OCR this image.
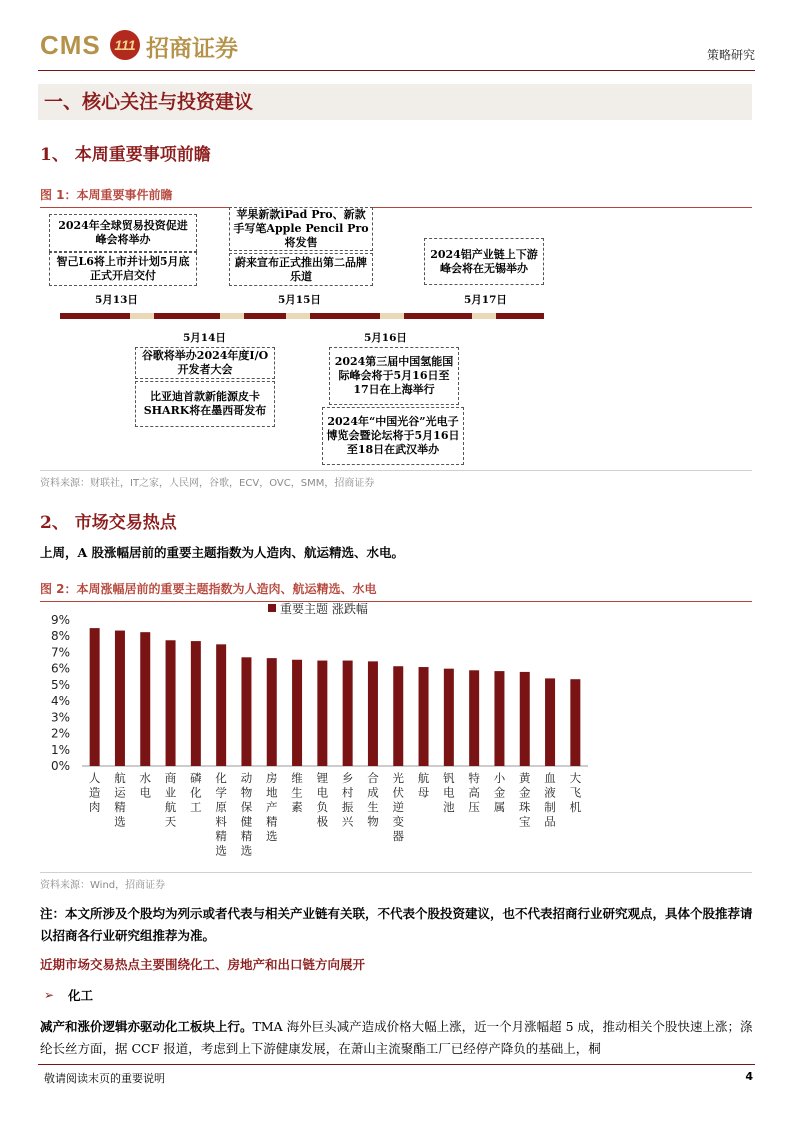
CMS 111 招商证券	策略研究
一、核心关注与投资建议
1、 本周重要事项前瞻
图 1：本周重要事件前瞻
2024年全球贸易投资促进峰会将举办
智己L6将上市并计划5月底正式开启交付
苹果新款iPad Pro、新款手写笔Apple Pencil Pro将发售
蔚来宣布正式推出第二品牌乐道
2024铝产业链上下游峰会将在无锡举办
5月13日	5月15日	5月17日
5月14日	5月16日
谷歌将举办2024年度I/O开发者大会
比亚迪首款新能源皮卡SHARK将在墨西哥发布
2024第三届中国氢能国际峰会将于5月16日至17日在上海举行
2024年“中国光谷”光电子博览会暨论坛将于5月16日至18日在武汉举办
资料来源：财联社，IT之家，人民网，谷歌，ECV，OVC，SMM，招商证券
2、 市场交易热点
上周，A 股涨幅居前的重要主题指数为人造肉、航运精选、水电。
图 2：本周涨幅居前的重要主题指数为人造肉、航运精选、水电
重要主题 涨跌幅
0%
1%
2%
3%
4%
5%
6%
7%
8%
9%
人造肉
航运精选
水电
商业航天
磷化工
化学原料精选
动物保健精选
房地产精选
维生素
锂电负极
乡村振兴
合成生物
光伏逆变器
航母
钒电池
特高压
小金属
黄金珠宝
血液制品
大飞机
资料来源：Wind，招商证券
注：本文所涉及个股均为列示或者代表与相关产业链有关联，不代表个股投资建议，也不代表招商行业研究观点，具体个股推荐请以招商各行业研究组推荐为准。
近期市场交易热点主要围绕化工、房地产和出口链方向展开
➢ 化工
减产和涨价逻辑亦驱动化工板块上行。TMA 海外巨头减产造成价格大幅上涨，近一个月涨幅超 5 成，推动相关个股快速上涨；涤纶长丝方面，据 CCF 报道，考虑到上下游健康发展，在萧山主流聚酯工厂已经停产降负的基础上，桐
敬请阅读末页的重要说明	4
